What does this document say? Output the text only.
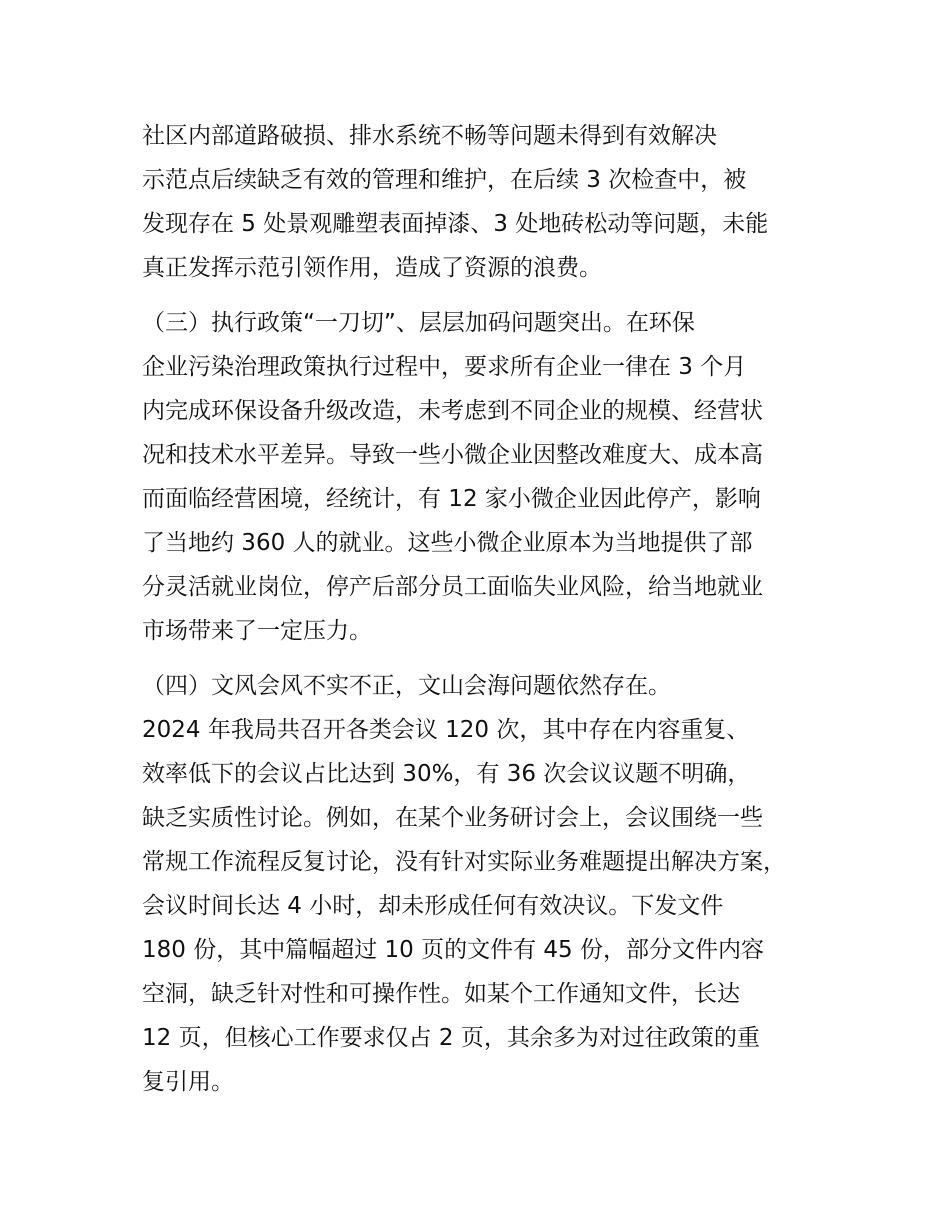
社区内部道路破损、排水系统不畅等问题未得到有效解决
示范点后续缺乏有效的管理和维护，在后续 3 次检查中，被
发现存在 5 处景观雕塑表面掉漆、3 处地砖松动等问题，未能
真正发挥示范引领作用，造成了资源的浪费。

（三）执行政策“一刀切”、层层加码问题突出。在环保
企业污染治理政策执行过程中，要求所有企业一律在 3 个月
内完成环保设备升级改造，未考虑到不同企业的规模、经营状
况和技术水平差异。导致一些小微企业因整改难度大、成本高
而面临经营困境，经统计，有 12 家小微企业因此停产，影响
了当地约 360 人的就业。这些小微企业原本为当地提供了部
分灵活就业岗位，停产后部分员工面临失业风险，给当地就业
市场带来了一定压力。

（四）文风会风不实不正，文山会海问题依然存在。
2024 年我局共召开各类会议 120 次，其中存在内容重复、
效率低下的会议占比达到 30%，有 36 次会议议题不明确，
缺乏实质性讨论。例如，在某个业务研讨会上，会议围绕一些
常规工作流程反复讨论，没有针对实际业务难题提出解决方案，
会议时间长达 4 小时，却未形成任何有效决议。下发文件
180 份，其中篇幅超过 10 页的文件有 45 份，部分文件内容
空洞，缺乏针对性和可操作性。如某个工作通知文件，长达
12 页，但核心工作要求仅占 2 页，其余多为对过往政策的重
复引用。
